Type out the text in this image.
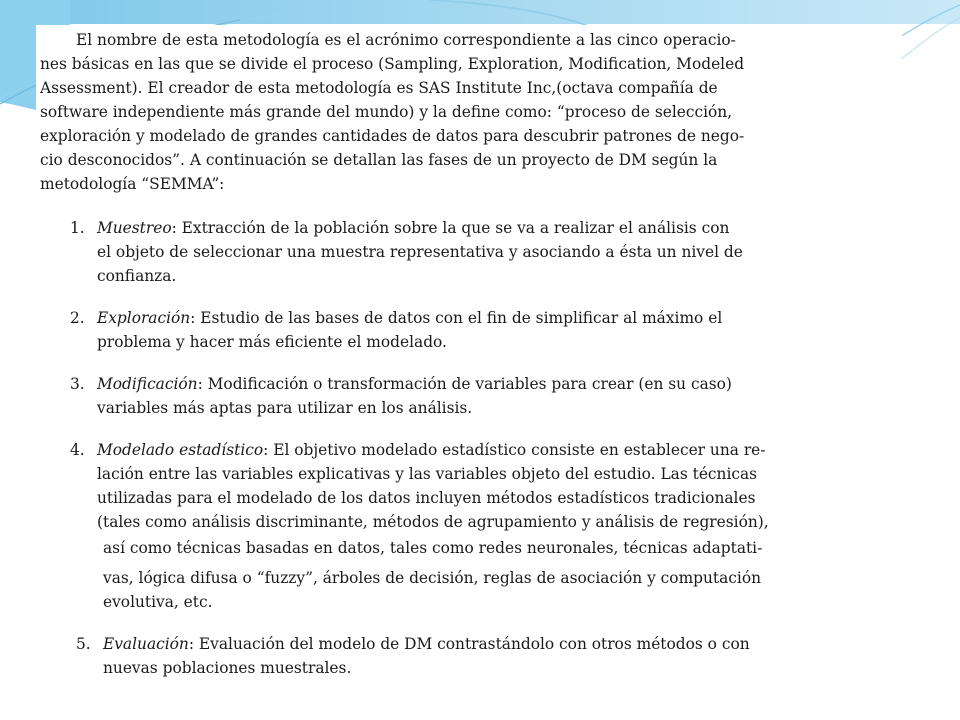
El nombre de esta metodología es el acrónimo correspondiente a las cinco operacio-
nes básicas en las que se divide el proceso (Sampling, Exploration, Modification, Modeled
Assessment). El creador de esta metodología es SAS Institute Inc,(octava compañía de
software independiente más grande del mundo) y la define como: “proceso de selección,
exploración y modelado de grandes cantidades de datos para descubrir patrones de nego-
cio desconocidos”. A continuación se detallan las fases de un proyecto de DM según la
metodología “SEMMA”:
1. Muestreo: Extracción de la población sobre la que se va a realizar el análisis con
el objeto de seleccionar una muestra representativa y asociando a ésta un nivel de
confianza.
2. Exploración: Estudio de las bases de datos con el fin de simplificar al máximo el
problema y hacer más eficiente el modelado.
3. Modificación: Modificación o transformación de variables para crear (en su caso)
variables más aptas para utilizar en los análisis.
4. Modelado estadístico: El objetivo modelado estadístico consiste en establecer una re-
lación entre las variables explicativas y las variables objeto del estudio. Las técnicas
utilizadas para el modelado de los datos incluyen métodos estadísticos tradicionales
(tales como análisis discriminante, métodos de agrupamiento y análisis de regresión),
así como técnicas basadas en datos, tales como redes neuronales, técnicas adaptati-
vas, lógica difusa o “fuzzy”, árboles de decisión, reglas de asociación y computación
evolutiva, etc.
5. Evaluación: Evaluación del modelo de DM contrastándolo con otros métodos o con
nuevas poblaciones muestrales.
